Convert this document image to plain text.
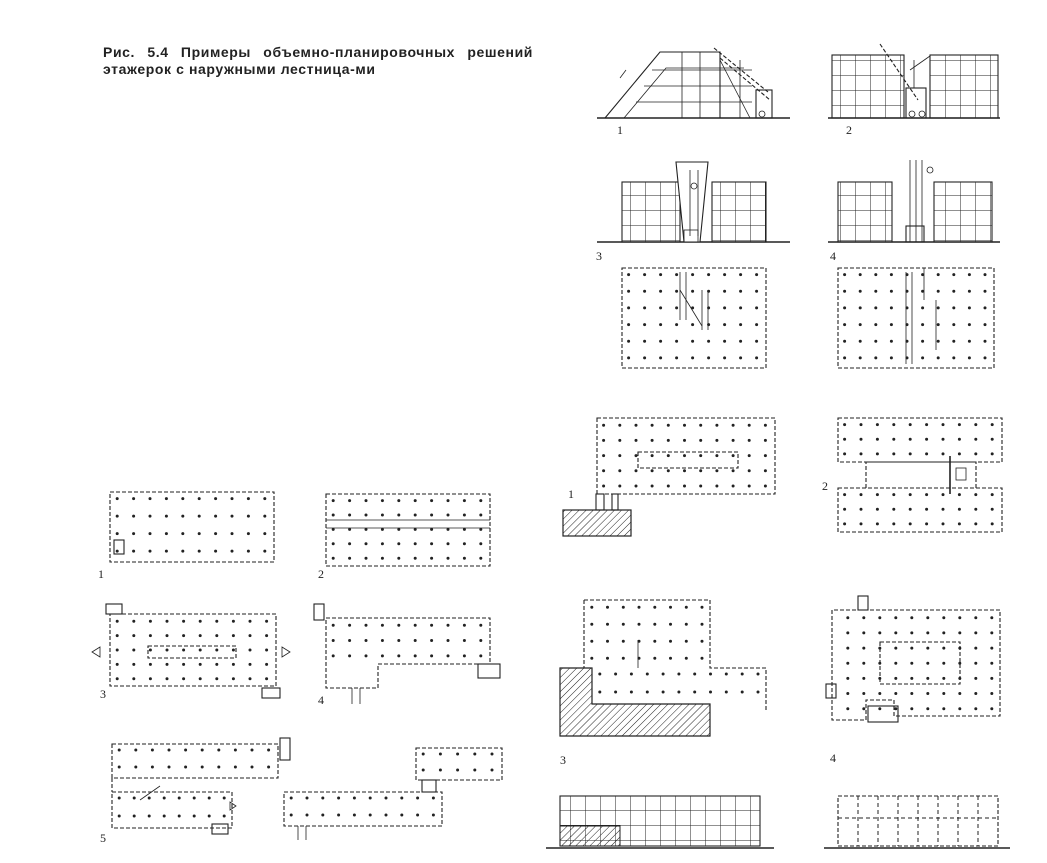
Рис. 5.4 Примеры объемно-планировочных решений этажерок с наружными лестница-ми
1	2
3	4
1
2
3	4
1	2
3	4
5
